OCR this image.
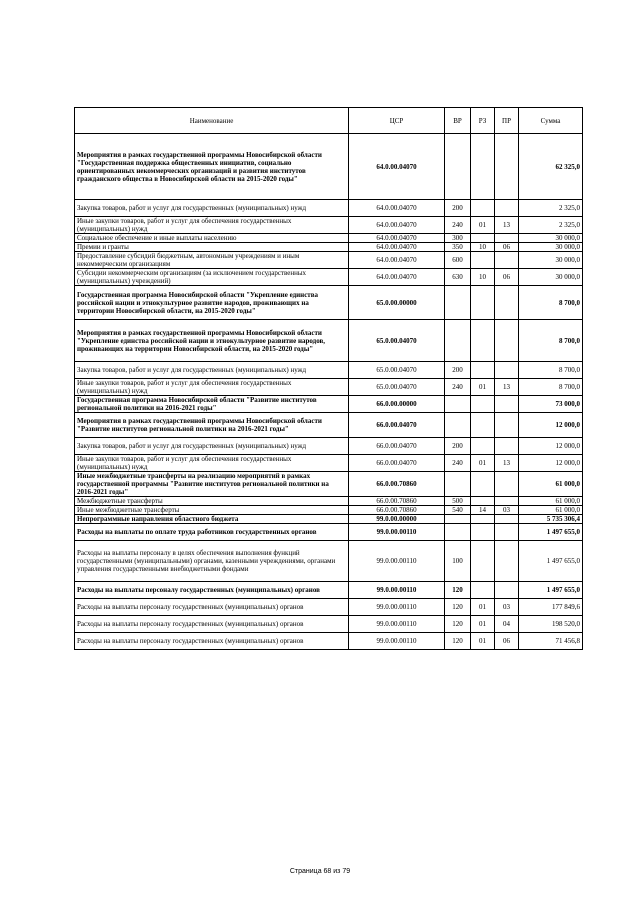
Наименование	ЦСР	ВР	РЗ	ПР	Сумма
Мероприятия в рамках государственной программы Новосибирской области "Государственная поддержка общественных инициатив, социально ориентированных некоммерческих организаций и развития институтов гражданского общества в Новосибирской области на 2015-2020 годы"	64.0.00.04070				62 325,0
Закупка товаров, работ и услуг для государственных (муниципальных) нужд	64.0.00.04070	200			2 325,0
Иные закупки товаров, работ и услуг для обеспечения государственных (муниципальных) нужд	64.0.00.04070	240	01	13	2 325,0
Социальное обеспечение и иные выплаты населению	64.0.00.04070	300			30 000,0
Премии и гранты	64.0.00.04070	350	10	06	30 000,0
Предоставление субсидий бюджетным, автономным учреждениям и иным некоммерческим организациям	64.0.00.04070	600			30 000,0
Субсидии некоммерческим организациям (за исключением государственных (муниципальных) учреждений)	64.0.00.04070	630	10	06	30 000,0
Государственная программа Новосибирской области "Укрепление единства российской нации и этнокультурное развитие народов, проживающих на территории Новосибирской области, на 2015-2020 годы"	65.0.00.00000				8 700,0
Мероприятия в рамках государственной программы Новосибирской области "Укрепление единства российской нации и этнокультурное развитие народов, проживающих на территории Новосибирской области, на 2015-2020 годы"	65.0.00.04070				8 700,0
Закупка товаров, работ и услуг для государственных (муниципальных) нужд	65.0.00.04070	200			8 700,0
Иные закупки товаров, работ и услуг для обеспечения государственных (муниципальных) нужд	65.0.00.04070	240	01	13	8 700,0
Государственная программа Новосибирской области "Развитие институтов региональной политики на 2016-2021 годы"	66.0.00.00000				73 000,0
Мероприятия в рамках государственной программы Новосибирской области "Развитие институтов региональной политики на 2016-2021 годы"	66.0.00.04070				12 000,0
Закупка товаров, работ и услуг для государственных (муниципальных) нужд	66.0.00.04070	200			12 000,0
Иные закупки товаров, работ и услуг для обеспечения государственных (муниципальных) нужд	66.0.00.04070	240	01	13	12 000,0
Иные межбюджетные трансферты на реализацию мероприятий в рамках государственной программы "Развитие институтов региональной политики на 2016-2021 годы"	66.0.00.70860				61 000,0
Межбюджетные трансферты	66.0.00.70860	500			61 000,0
Иные межбюджетные трансферты	66.0.00.70860	540	14	03	61 000,0
Непрограммные направления областного бюджета	99.0.00.00000				5 735 306,4
Расходы на выплаты по оплате труда работников государственных органов	99.0.00.00110				1 497 655,0
Расходы на выплаты персоналу в целях обеспечения выполнения функций государственными (муниципальными) органами, казенными учреждениями, органами управления государственными внебюджетными фондами	99.0.00.00110	100			1 497 655,0
Расходы на выплаты персоналу государственных (муниципальных) органов	99.0.00.00110	120			1 497 655,0
Расходы на выплаты персоналу государственных (муниципальных) органов	99.0.00.00110	120	01	03	177 849,6
Расходы на выплаты персоналу государственных (муниципальных) органов	99.0.00.00110	120	01	04	198 520,0
Расходы на выплаты персоналу государственных (муниципальных) органов	99.0.00.00110	120	01	06	71 456,8
Страница 68 из 79
